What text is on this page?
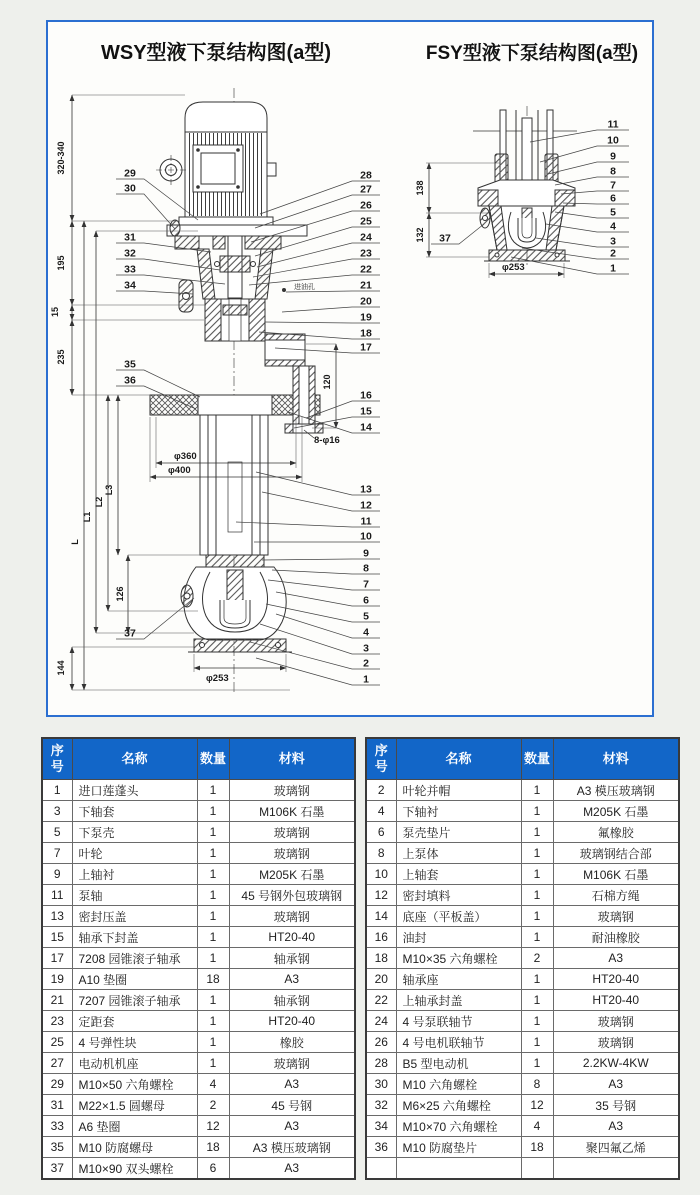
WSY型液下泵结构图(a型)	FSY型液下泵结构图(a型)
进油孔
28
27
26
25
24
23
22
21
20
19
18
17
16
15
14
13
12
11
10
9
8
7
6
5
4
3
2
1
29
30
31
32
33
34
35
36
37
11
10
9
8
7
6
5
4
3
2
1
37
320-340
195
15
235
L
L1
L2
L3
126
144
120
φ360
φ400
8-φ16
φ253
138
132
φ253
序号	名称	数量	材料
1	进口莲蓬头	1	玻璃钢
3	下轴套	1	M106K 石墨
5	下泵壳	1	玻璃钢
7	叶轮	1	玻璃钢
9	上轴衬	1	M205K 石墨
11	泵轴	1	45 号钢外包玻璃钢
13	密封压盖	1	玻璃钢
15	轴承下封盖	1	HT20-40
17	7208 园锥滚子轴承	1	轴承钢
19	A10 垫圈	18	A3
21	7207 园锥滚子轴承	1	轴承钢
23	定距套	1	HT20-40
25	4 号弹性块	1	橡胶
27	电动机机座	1	玻璃钢
29	M10×50 六角螺栓	4	A3
31	M22×1.5 圆螺母	2	45 号钢
33	A6 垫圈	12	A3
35	M10 防腐螺母	18	A3 模压玻璃钢
37	M10×90 双头螺栓	6	A3
序号	名称	数量	材料
2	叶轮并帽	1	A3 模压玻璃钢
4	下轴衬	1	M205K 石墨
6	泵壳垫片	1	氟橡胶
8	上泵体	1	玻璃钢结合部
10	上轴套	1	M106K 石墨
12	密封填料	1	石棉方绳
14	底座（平板盖）	1	玻璃钢
16	油封	1	耐油橡胶
18	M10×35 六角螺栓	2	A3
20	轴承座	1	HT20-40
22	上轴承封盖	1	HT20-40
24	4 号泵联轴节	1	玻璃钢
26	4 号电机联轴节	1	玻璃钢
28	B5 型电动机	1	2.2KW-4KW
30	M10 六角螺栓	8	A3
32	M6×25 六角螺栓	12	35 号钢
34	M10×70 六角螺栓	4	A3
36	M10 防腐垫片	18	聚四氟乙烯
